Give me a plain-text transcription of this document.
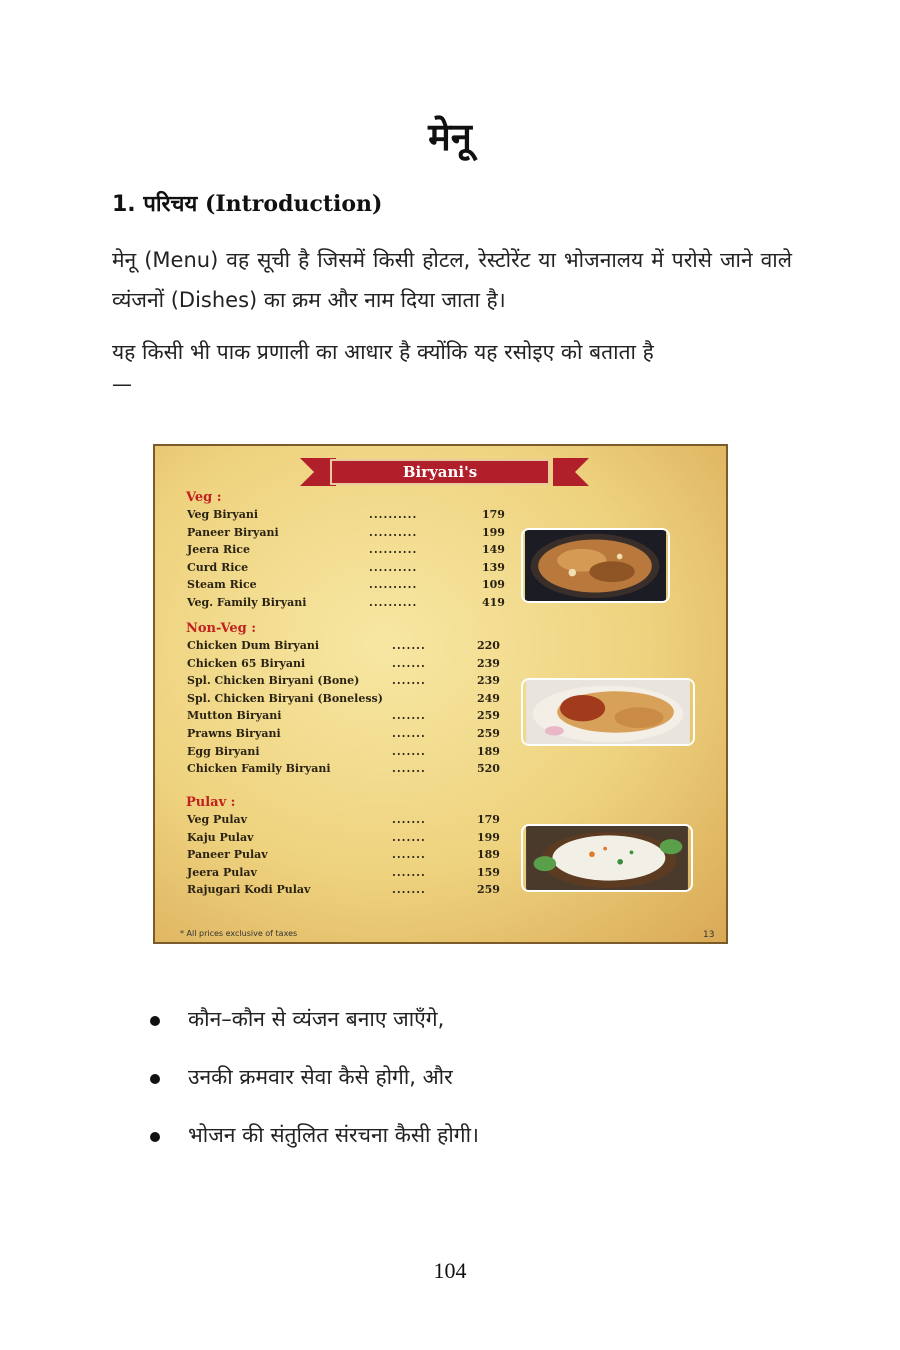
मेनू
1. परिचय (Introduction)
मेनू (Menu) वह सूची है जिसमें किसी होटल, रेस्टोरेंट या भोजनालय में परोसे जाने वाले व्यंजनों (Dishes) का क्रम और नाम दिया जाता है।
यह किसी भी पाक प्रणाली का आधार है क्योंकि यह रसोइए को बताता है
—
Biryani's
Veg :
Non-Veg :
Pulav :
Veg Biryani	..........	179
Paneer Biryani	..........	199
Jeera Rice	..........	149
Curd Rice	..........	139
Steam Rice	..........	109
Veg. Family Biryani	..........	419
Chicken Dum Biryani	.......	220
Chicken 65 Biryani	.......	239
Spl. Chicken Biryani (Bone)	.......	239
Spl. Chicken Biryani (Boneless)	249
Mutton Biryani	.......	259
Prawns Biryani	.......	259
Egg Biryani	.......	189
Chicken Family Biryani	.......	520
Veg Pulav	.......	179
Kaju Pulav	.......	199
Paneer Pulav	.......	189
Jeera Pulav	.......	159
Rajugari Kodi Pulav	.......	259
* All prices exclusive of taxes	13
कौन–कौन से व्यंजन बनाए जाएँगे,
उनकी क्रमवार सेवा कैसे होगी, और
भोजन की संतुलित संरचना कैसी होगी।
104
